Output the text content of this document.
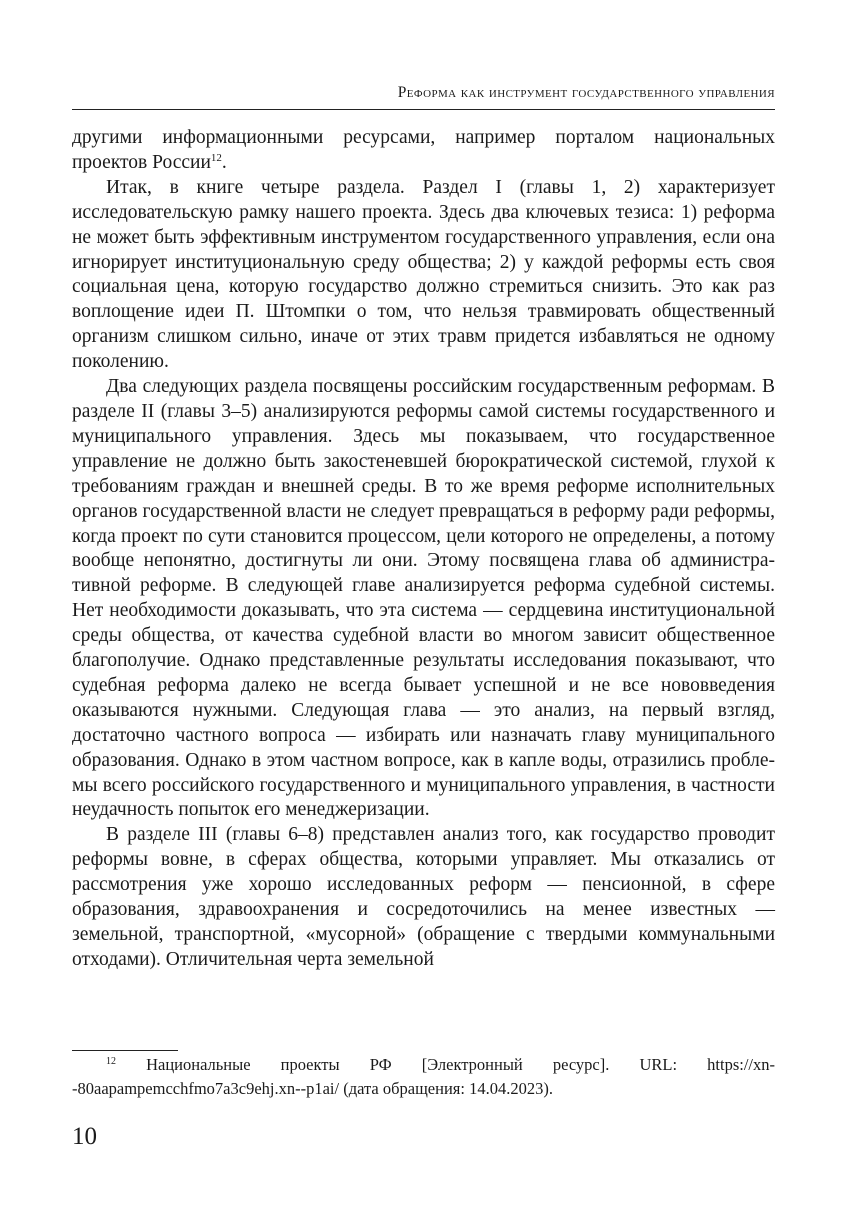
Реформа как инструмент государственного управления

другими информационными ресурсами, например порталом национальных проектов России$^{12}$.

Итак, в книге четыре раздела. Раздел I (главы 1, 2) характеризует исследовательскую рамку нашего проекта. Здесь два ключевых тезиса: 1) реформа не может быть эффективным инструментом государственного управления, если она игнорирует институциональную среду общества; 2) у каждой реформы есть своя социальная цена, которую государство должно стремиться снизить. Это как раз воплощение идеи П. Штомпки о том, что нельзя травмировать общественный организм слишком сильно, иначе от этих травм придется избавляться не одному поколению.

Два следующих раздела посвящены российским государственным реформам. В разделе II (главы 3–5) анализируются реформы самой системы государственного и муниципального управления. Здесь мы показываем, что государственное управление не должно быть закостеневшей бюрократической системой, глухой к требованиям граждан и внешней среды. В то же время реформе исполнительных органов государственной власти не следует превращаться в реформу ради реформы, когда проект по сути становится процессом, цели которого не определены, а потому вообще непонятно, достигнуты ли они. Этому посвящена глава об административной реформе. В следующей главе анализируется реформа судебной системы. Нет необходимости доказывать, что эта система — сердцевина институциональной среды общества, от качества судебной власти во многом зависит общественное благополучие. Однако представленные результаты исследования показывают, что судебная реформа далеко не всегда бывает успешной и не все нововведения оказываются нужными. Следующая глава — это анализ, на первый взгляд, достаточно частного вопроса — избирать или назначать главу муниципального образования. Однако в этом частном вопросе, как в капле воды, отразились проблемы всего российского государственного и муниципального управления, в частности неудачность попыток его менеджеризации.

В разделе III (главы 6–8) представлен анализ того, как государство проводит реформы вовне, в сферах общества, которыми управляет. Мы отказались от рассмотрения уже хорошо исследованных реформ — пенсионной, в сфере образования, здравоохранения и сосредоточились на менее известных — земельной, транспортной, «мусорной» (обращение с твердыми коммунальными отходами). Отличительная черта земельной

$^{12}$ Национальные проекты РФ [Электронный ресурс]. URL: https://xn--80aapampemcchfmo7a3c9ehj.xn--p1ai/ (дата обращения: 14.04.2023).

10
